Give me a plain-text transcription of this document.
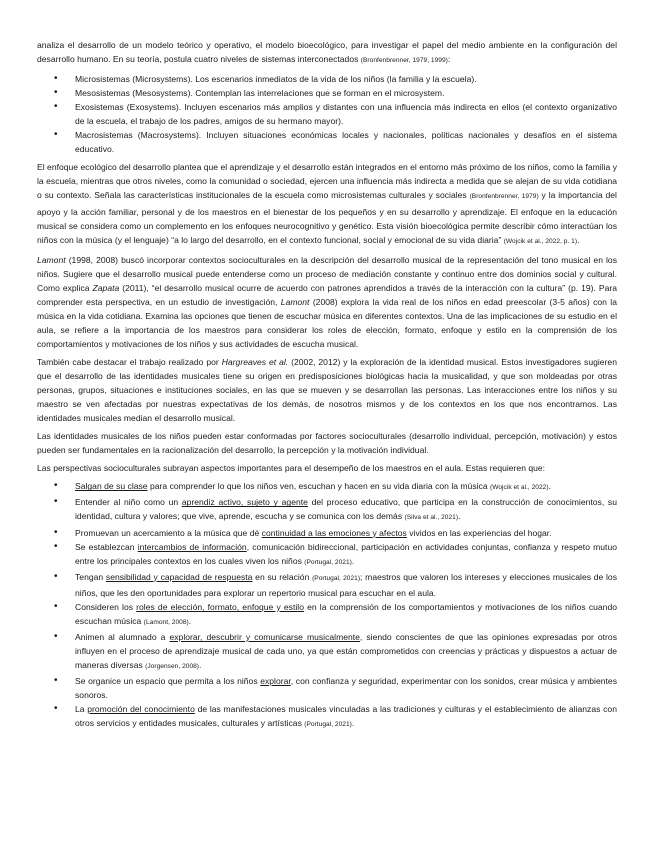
analiza el desarrollo de un modelo teórico y operativo, el modelo bioecológico, para investigar el papel del medio ambiente en la configuración del desarrollo humano. En su teoría, postula cuatro niveles de sistemas interconectados (Bronfenbrenner, 1979, 1999):

• Microsistemas (Microsystems). Los escenarios inmediatos de la vida de los niños (la familia y la escuela).
• Mesosistemas (Mesosystems). Contemplan las interrelaciones que se forman en el microsystem.
• Exosistemas (Exosystems). Incluyen escenarios más amplios y distantes con una influencia más indirecta en ellos (el contexto organizativo de la escuela, el trabajo de los padres, amigos de su hermano mayor).
• Macrosistemas (Macrosystems). Incluyen situaciones económicas locales y nacionales, políticas nacionales y desafíos en el sistema educativo.

El enfoque ecológico del desarrollo plantea que el aprendizaje y el desarrollo están integrados en el entorno más próximo de los niños, como la familia y la escuela, mientras que otros niveles, como la comunidad o sociedad, ejercen una influencia más indirecta a medida que se alejan de su vida cotidiana o su contexto. Señala las características institucionales de la escuela como microsistemas culturales y sociales (Bronfenbrenner, 1979) y la importancia del apoyo y la acción familiar, personal y de los maestros en el bienestar de los pequeños y en su desarrollo y aprendizaje. El enfoque en la educación musical se considera como un complemento en los enfoques neurocognitivo y genético. Esta visión bioecológica permite describir cómo interactúan los niños con la música (y el lenguaje) “a lo largo del desarrollo, en el contexto funcional, social y emocional de su vida diaria” (Wojcik et al., 2022, p. 1).

Lamont (1998, 2008) buscó incorporar contextos socioculturales en la descripción del desarrollo musical de la representación del tono musical en los niños. Sugiere que el desarrollo musical puede entenderse como un proceso de mediación constante y continuo entre dos dominios social y cultural. Como explica Zapata (2011), “el desarrollo musical ocurre de acuerdo con patrones aprendidos a través de la interacción con la cultura” (p. 19). Para comprender esta perspectiva, en un estudio de investigación, Lamont (2008) explora la vida real de los niños en edad preescolar (3-5 años) con la música en la vida cotidiana. Examina las opciones que tienen de escuchar música en diferentes contextos. Una de las implicaciones de su estudio en el aula, se refiere a la importancia de los maestros para considerar los roles de elección, formato, enfoque y estilo en la comprensión de los comportamientos y motivaciones de los niños y sus actividades de escucha musical.

También cabe destacar el trabajo realizado por Hargreaves et al. (2002, 2012) y la exploración de la identidad musical. Estos investigadores sugieren que el desarrollo de las identidades musicales tiene su origen en predisposiciones biológicas hacia la musicalidad, y que son moldeadas por otras personas, grupos, situaciones e instituciones sociales, en las que se mueven y se desarrollan las personas. Las interacciones entre los niños y su maestro se ven afectadas por nuestras expectativas de los demás, de nosotros mismos y de los contextos en los que nos encontramos. Las identidades musicales median el desarrollo musical.

Las identidades musicales de los niños pueden estar conformadas por factores socioculturales (desarrollo individual, percepción, motivación) y estos pueden ser fundamentales en la racionalización del desarrollo, la percepción y la motivación individual.

Las perspectivas socioculturales subrayan aspectos importantes para el desempeño de los maestros en el aula. Estas requieren que:

• Salgan de su clase para comprender lo que los niños ven, escuchan y hacen en su vida diaria con la música (Wojcik et al., 2022).
• Entender al niño como un aprendiz activo, sujeto y agente del proceso educativo, que participa en la construcción de conocimientos, su identidad, cultura y valores; que vive, aprende, escucha y se comunica con los demás (Silva et al., 2021).
• Promuevan un acercamiento a la música que dé continuidad a las emociones y afectos vividos en las experiencias del hogar.
• Se establezcan intercambios de información, comunicación bidireccional, participación en actividades conjuntas, confianza y respeto mutuo entre los principales contextos en los cuales viven los niños (Portugal, 2021).
• Tengan sensibilidad y capacidad de respuesta en su relación (Portugal, 2021); maestros que valoren los intereses y elecciones musicales de los niños, que les den oportunidades para explorar un repertorio musical para escuchar en el aula.
• Consideren los roles de elección, formato, enfoque y estilo en la comprensión de los comportamientos y motivaciones de los niños cuando escuchan música (Lamont, 2008).
• Animen al alumnado a explorar, descubrir y comunicarse musicalmente, siendo conscientes de que las opiniones expresadas por otros influyen en el proceso de aprendizaje musical de cada uno, ya que están comprometidos con creencias y prácticas y dispuestos a actuar de maneras diversas (Jorgensen, 2008).
• Se organice un espacio que permita a los niños explorar, con confianza y seguridad, experimentar con los sonidos, crear música y ambientes sonoros.
• La promoción del conocimiento de las manifestaciones musicales vinculadas a las tradiciones y culturas y el establecimiento de alianzas con otros servicios y entidades musicales, culturales y artísticas (Portugal, 2021).
